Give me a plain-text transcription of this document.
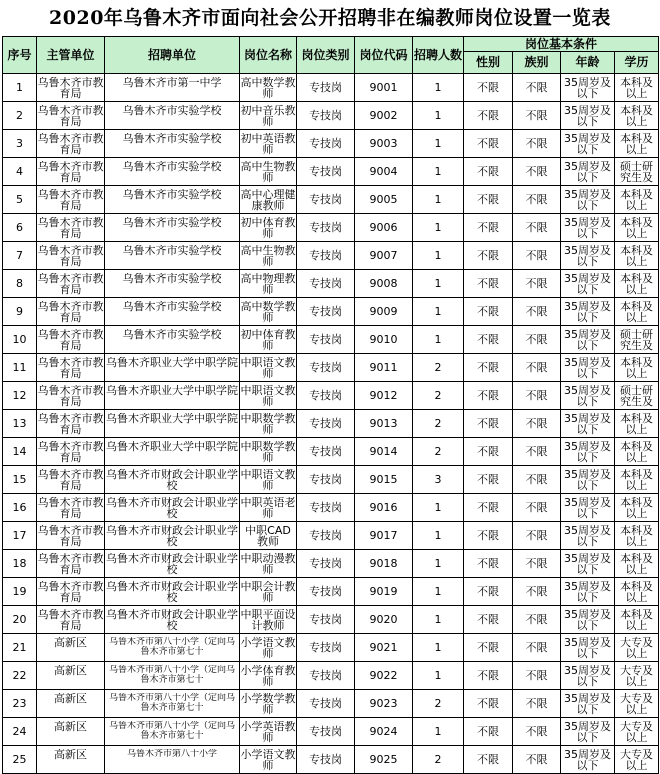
2020年乌鲁木齐市面向社会公开招聘非在编教师岗位设置一览表
序号	主管单位	招聘单位	岗位名称	岗位类别	岗位代码	招聘人数	岗位基本条件			
							性别	族别	年龄	学历
1	乌鲁木齐市教育局	乌鲁木齐市第一中学	高中数学教师	专技岗	9001	1	不限	不限	35周岁及以下	本科及以上

2	乌鲁木齐市教育局	乌鲁木齐市实验学校	初中音乐教师	专技岗	9002	1	不限	不限	35周岁及以下	本科及以上

3	乌鲁木齐市教育局	乌鲁木齐市实验学校	初中英语教师	专技岗	9003	1	不限	不限	35周岁及以下	本科及以上

4	乌鲁木齐市教育局	乌鲁木齐市实验学校	高中生物教师	专技岗	9004	1	不限	不限	35周岁及以下	硕士研究生及

5	乌鲁木齐市教育局	乌鲁木齐市实验学校	高中心理健康教师	专技岗	9005	1	不限	不限	35周岁及以下	本科及以上

6	乌鲁木齐市教育局	乌鲁木齐市实验学校	初中体育教师	专技岗	9006	1	不限	不限	35周岁及以下	本科及以上

7	乌鲁木齐市教育局	乌鲁木齐市实验学校	高中生物教师	专技岗	9007	1	不限	不限	35周岁及以下	本科及以上

8	乌鲁木齐市教育局	乌鲁木齐市实验学校	高中物理教师	专技岗	9008	1	不限	不限	35周岁及以下	本科及以上

9	乌鲁木齐市教育局	乌鲁木齐市实验学校	高中数学教师	专技岗	9009	1	不限	不限	35周岁及以下	本科及以上

10	乌鲁木齐市教育局	乌鲁木齐市实验学校	初中体育教师	专技岗	9010	1	不限	不限	35周岁及以下	硕士研究生及

11	乌鲁木齐市教育局	乌鲁木齐职业大学中职学院	中职语文教师	专技岗	9011	2	不限	不限	35周岁及以下	本科及以上

12	乌鲁木齐市教育局	乌鲁木齐职业大学中职学院	中职语文教师	专技岗	9012	2	不限	不限	35周岁及以下	硕士研究生及

13	乌鲁木齐市教育局	乌鲁木齐职业大学中职学院	中职数学教师	专技岗	9013	2	不限	不限	35周岁及以下	本科及以上

14	乌鲁木齐市教育局	乌鲁木齐职业大学中职学院	中职数学教师	专技岗	9014	2	不限	不限	35周岁及以下	本科及以上

15	乌鲁木齐市教育局	乌鲁木齐市财政会计职业学校	中职语文教师	专技岗	9015	3	不限	不限	35周岁及以下	本科及以上

16	乌鲁木齐市教育局	乌鲁木齐市财政会计职业学校	中职英语老师	专技岗	9016	1	不限	不限	35周岁及以下	本科及以上

17	乌鲁木齐市教育局	乌鲁木齐市财政会计职业学校	中职CAD教师	专技岗	9017	1	不限	不限	35周岁及以下	本科及以上

18	乌鲁木齐市教育局	乌鲁木齐市财政会计职业学校	中职动漫教师	专技岗	9018	1	不限	不限	35周岁及以下	本科及以上

19	乌鲁木齐市教育局	乌鲁木齐市财政会计职业学校	中职会计教师	专技岗	9019	1	不限	不限	35周岁及以下	本科及以上

20	乌鲁木齐市教育局	乌鲁木齐市财政会计职业学校	中职平面设计教师	专技岗	9020	1	不限	不限	35周岁及以下	本科及以上

21	高新区	乌鲁木齐市第八十小学（定向乌鲁木齐市第七十	小学语文教师	专技岗	9021	1	不限	不限	35周岁及以下	大专及以上

22	高新区	乌鲁木齐市第八十小学（定向乌鲁木齐市第七十	小学体育教师	专技岗	9022	1	不限	不限	35周岁及以下	大专及以上

23	高新区	乌鲁木齐市第八十小学（定向乌鲁木齐市第七十	小学数学教师	专技岗	9023	2	不限	不限	35周岁及以下	大专及以上

24	高新区	乌鲁木齐市第八十小学（定向乌鲁木齐市第七十	小学英语教师	专技岗	9024	1	不限	不限	35周岁及以下	大专及以上

25	高新区	乌鲁木齐市第八十小学	小学语文教师	专技岗	9025	2	不限	不限	35周岁及以下	大专及以上
